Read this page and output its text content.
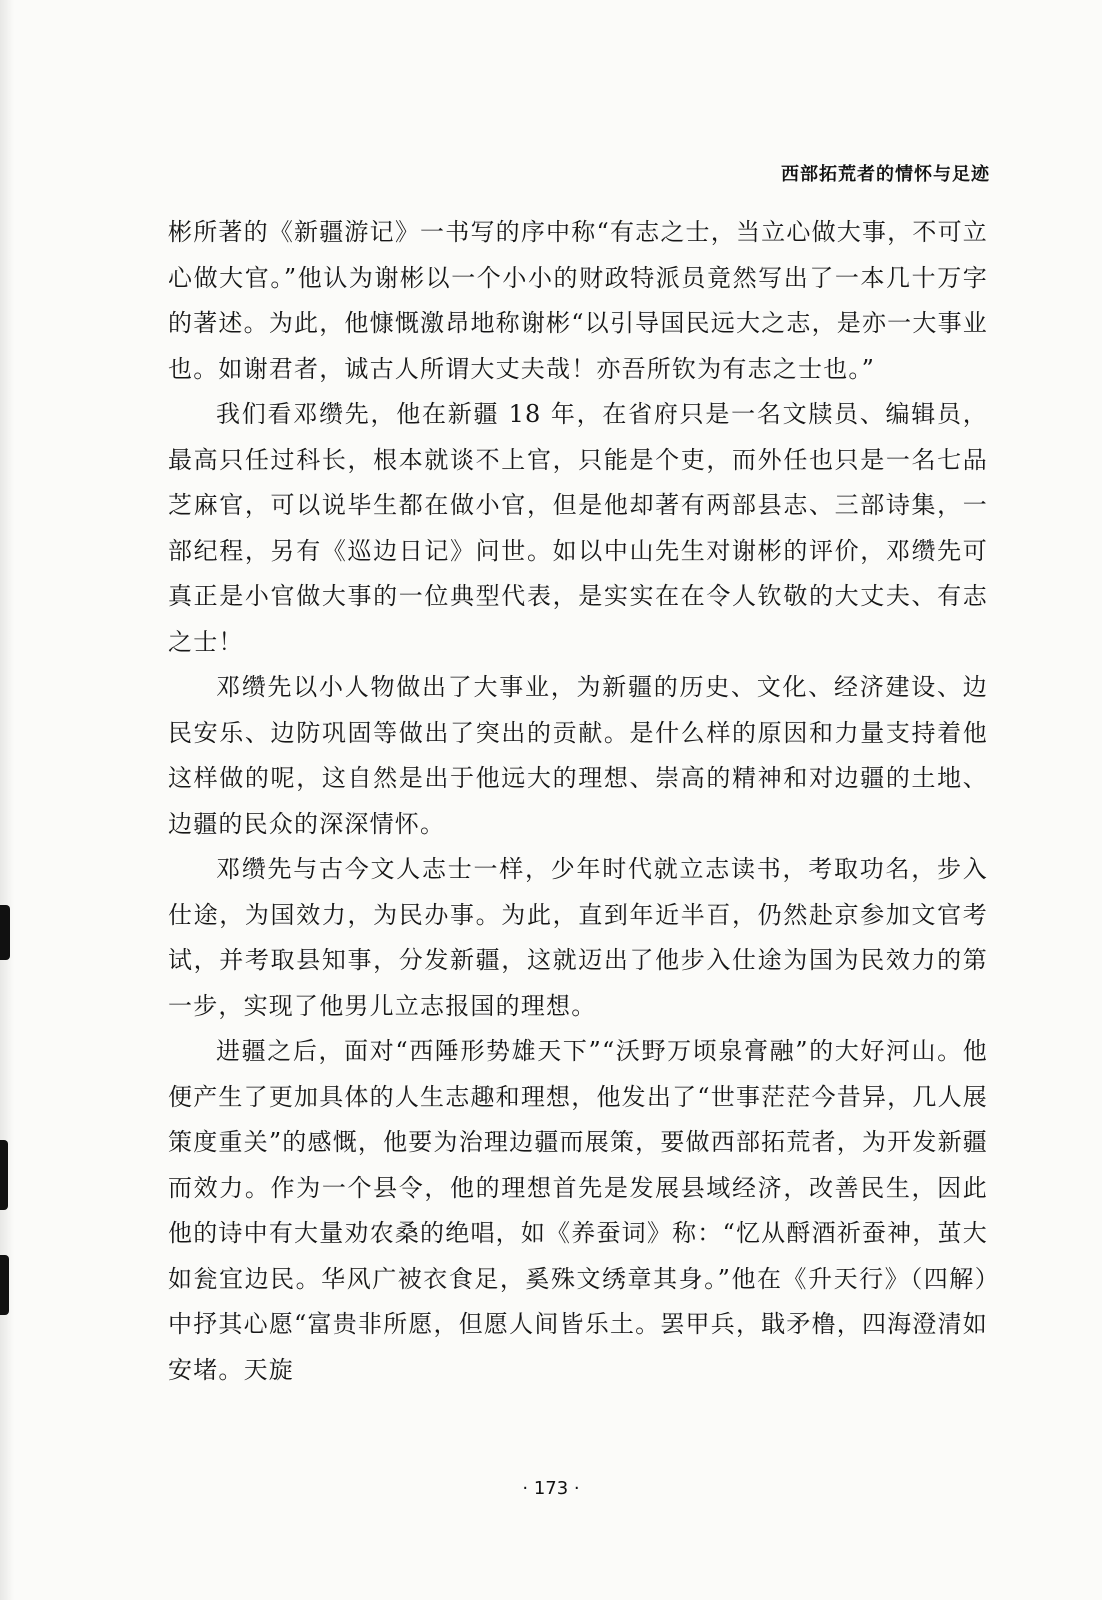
西部拓荒者的情怀与足迹

彬所著的《新疆游记》一书写的序中称“有志之士，当立心做大事，不可立心做大官。”他认为谢彬以一个小小的财政特派员竟然写出了一本几十万字的著述。为此，他慷慨激昂地称谢彬“以引导国民远大之志，是亦一大事业也。如谢君者，诚古人所谓大丈夫哉！亦吾所钦为有志之士也。”

我们看邓缵先，他在新疆 18 年，在省府只是一名文牍员、编辑员，最高只任过科长，根本就谈不上官，只能是个吏，而外任也只是一名七品芝麻官，可以说毕生都在做小官，但是他却著有两部县志、三部诗集，一部纪程，另有《巡边日记》问世。如以中山先生对谢彬的评价，邓缵先可真正是小官做大事的一位典型代表，是实实在在令人钦敬的大丈夫、有志之士！

邓缵先以小人物做出了大事业，为新疆的历史、文化、经济建设、边民安乐、边防巩固等做出了突出的贡献。是什么样的原因和力量支持着他这样做的呢，这自然是出于他远大的理想、崇高的精神和对边疆的土地、边疆的民众的深深情怀。

邓缵先与古今文人志士一样，少年时代就立志读书，考取功名，步入仕途，为国效力，为民办事。为此，直到年近半百，仍然赴京参加文官考试，并考取县知事，分发新疆，这就迈出了他步入仕途为国为民效力的第一步，实现了他男儿立志报国的理想。

进疆之后，面对“西陲形势雄天下”“沃野万顷泉膏融”的大好河山。他便产生了更加具体的人生志趣和理想，他发出了“世事茫茫今昔异，几人展策度重关”的感慨，他要为治理边疆而展策，要做西部拓荒者，为开发新疆而效力。作为一个县令，他的理想首先是发展县域经济，改善民生，因此他的诗中有大量劝农桑的绝唱，如《养蚕词》称：“忆从酹酒祈蚕神，茧大如瓮宜边民。华风广被衣食足，奚殊文绣章其身。”他在《升天行》（四解）中抒其心愿“富贵非所愿，但愿人间皆乐土。罢甲兵，戢矛橹，四海澄清如安堵。天旋

· 173 ·
